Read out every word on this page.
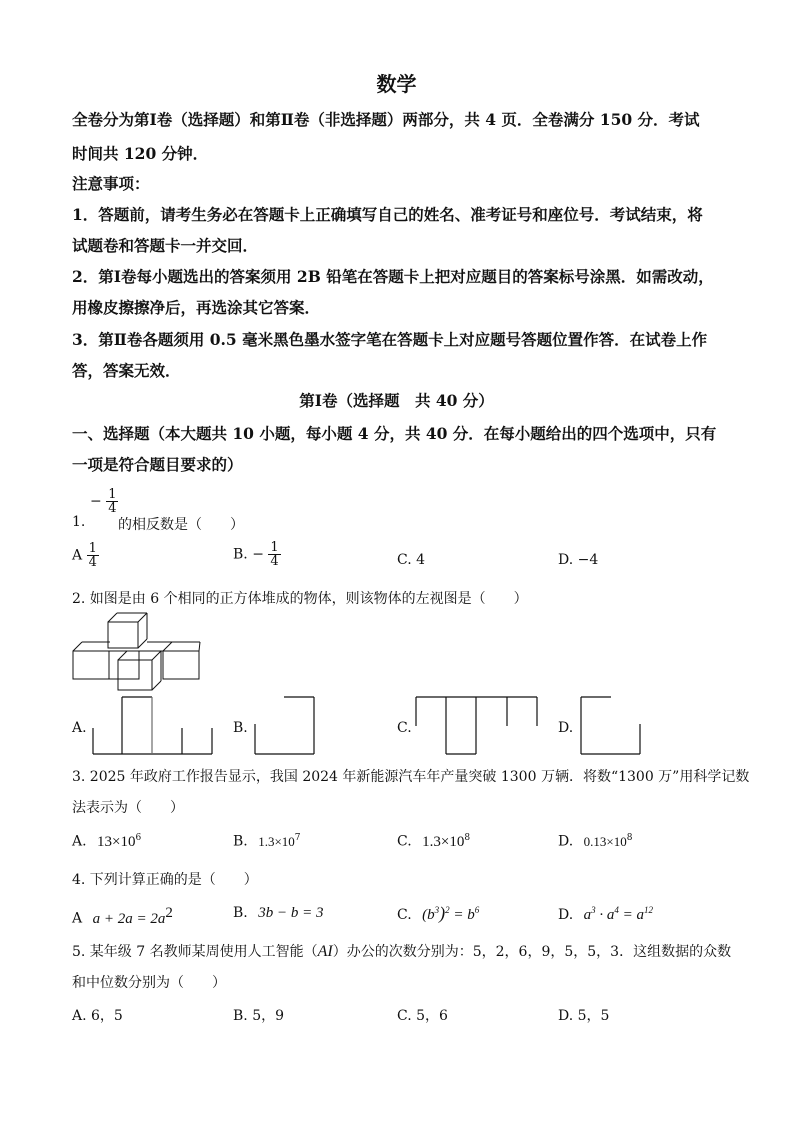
数学
全卷分为第Ⅰ卷（选择题）和第Ⅱ卷（非选择题）两部分，共 4 页．全卷满分 150 分．考试
时间共 120 分钟．
注意事项：
1．答题前，请考生务必在答题卡上正确填写自己的姓名、准考证号和座位号．考试结束，将
试题卷和答题卡一并交回．
2．第Ⅰ卷每小题选出的答案须用 2B 铅笔在答题卡上把对应题目的答案标号涂黑．如需改动，
用橡皮擦擦净后，再选涂其它答案．
3．第Ⅱ卷各题须用 0.5 毫米黑色墨水签字笔在答题卡上对应题号答题位置作答．在试卷上作
答，答案无效．
第Ⅰ卷（选择题　共 40 分）
一、选择题（本大题共 10 小题，每小题 4 分，共 40 分．在每小题给出的四个选项中，只有
一项是符合题目要求的）
− $\frac{1}{4}$
1. 的相反数是（　　）
A $\frac{1}{4}$	B. − $\frac{1}{4}$	C. 4	D. −4
2. 如图是由 6 个相同的正方体堆成的物体，则该物体的左视图是（　　）
A.	B.	C.	D.
3. 2025 年政府工作报告显示，我国 2024 年新能源汽车年产量突破 1300 万辆．将数“1300 万”用科学记数
法表示为（　　）
A. $13\times 10^6$	B. $1.3\times 10^7$	C. $1.3\times 10^8$	D. $0.13\times 10^8$
4. 下列计算正确的是（　　）
A $a + 2a = 2a^2$	B. 3b − b = 3	C. $(b^3)^2 = b^6$	D. $a^3 \cdot a^4 = a^{12}$
5. 某年级 7 名教师某周使用人工智能（AI）办公的次数分别为：5，2，6，9，5，5，3．这组数据的众数
和中位数分别为（　　）
A. 6，5	B. 5，9	C. 5，6	D. 5，5
